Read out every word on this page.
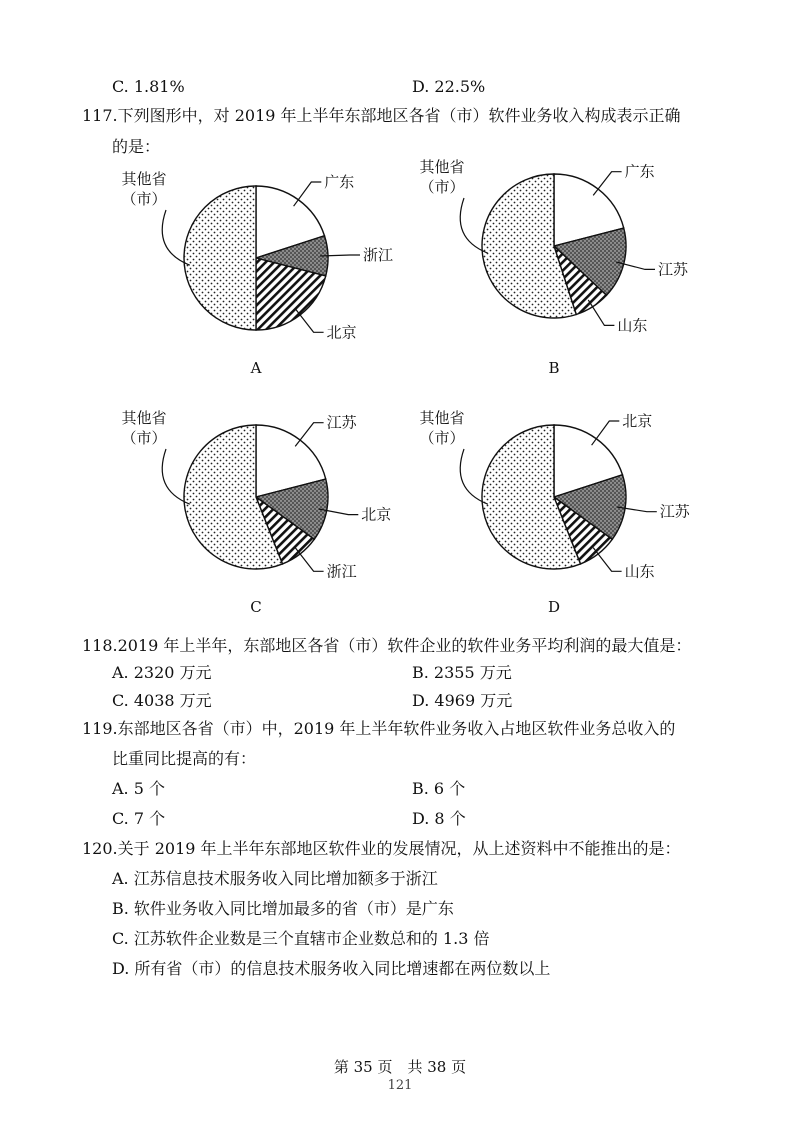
C. 1.81%	D. 22.5%
117.下列图形中，对 2019 年上半年东部地区各省（市）软件业务收入构成表示正确
的是：
广东
浙江
北京
其他省
（市）
A
广东
江苏
山东
其他省
（市）
B
江苏
北京
浙江
其他省
（市）
C
北京
江苏
山东
其他省
（市）
D
118.2019 年上半年，东部地区各省（市）软件企业的软件业务平均利润的最大值是：
A. 2320 万元	B. 2355 万元
C. 4038 万元	D. 4969 万元
119.东部地区各省（市）中，2019 年上半年软件业务收入占地区软件业务总收入的
比重同比提高的有：
A. 5 个	B. 6 个
C. 7 个	D. 8 个
120.关于 2019 年上半年东部地区软件业的发展情况，从上述资料中不能推出的是：
A. 江苏信息技术服务收入同比增加额多于浙江
B. 软件业务收入同比增加最多的省（市）是广东
C. 江苏软件企业数是三个直辖市企业数总和的 1.3 倍
D. 所有省（市）的信息技术服务收入同比增速都在两位数以上
第 35 页　共 38 页
121
